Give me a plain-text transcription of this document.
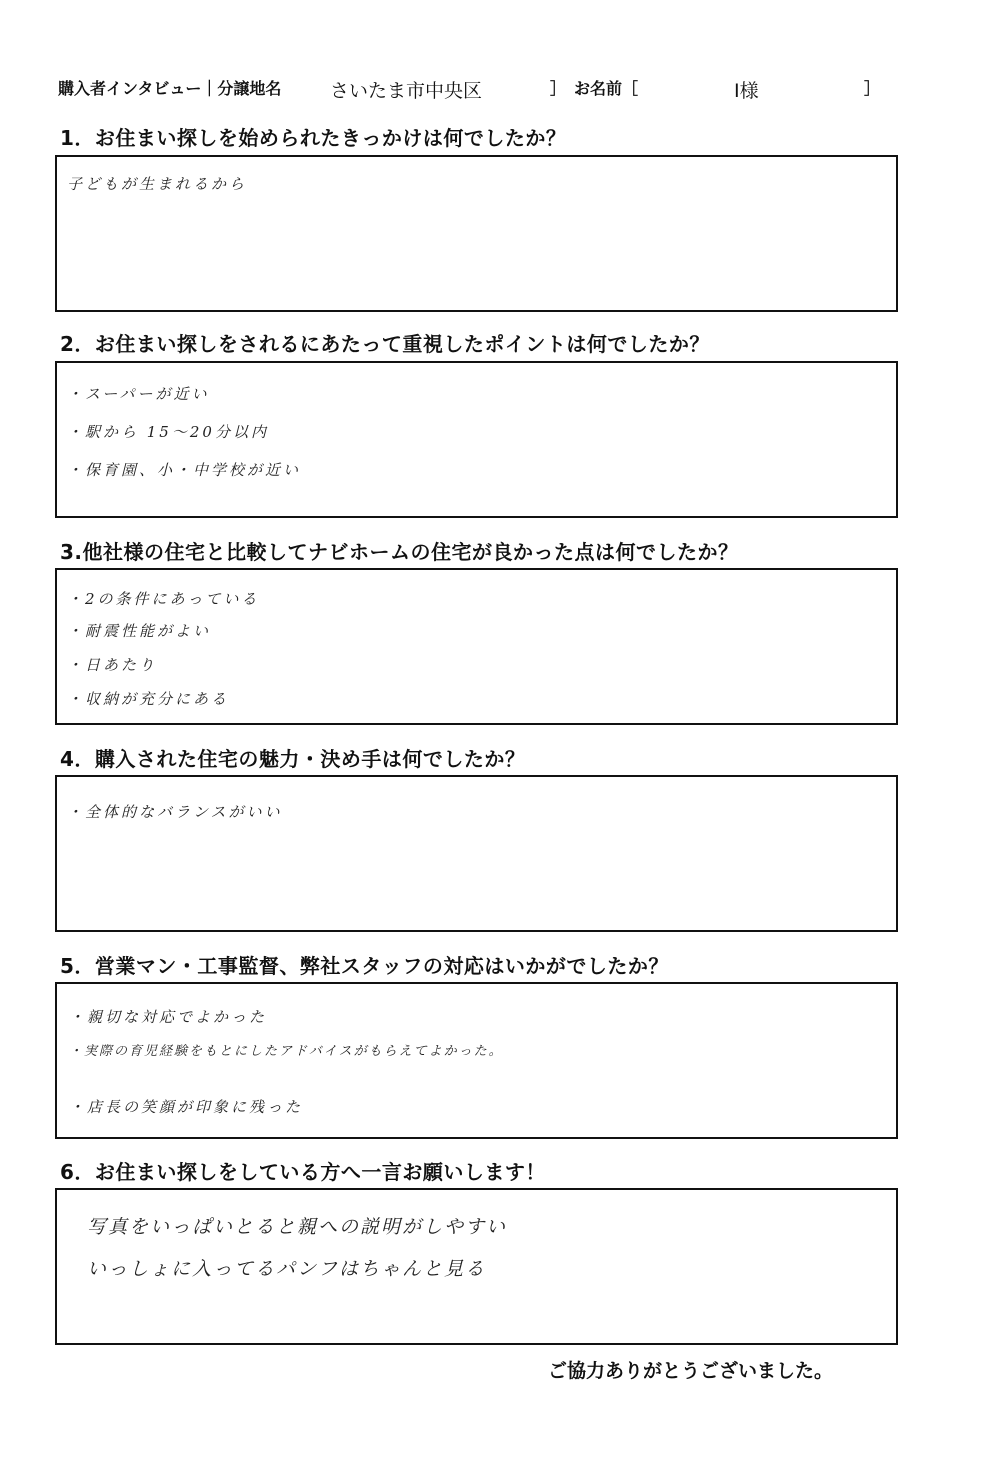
購入者インタビュー｜分譲地名	さいたま市中央区	］ お名前［	I様	］
1．お住まい探しを始められたきっかけは何でしたか？
子どもが生まれるから
2．お住まい探しをされるにあたって重視したポイントは何でしたか？
・スーパーが近い
・駅から 15～20分以内
・保育園、小・中学校が近い
3.他社様の住宅と比較してナビホームの住宅が良かった点は何でしたか？
・2の条件にあっている
・耐震性能がよい
・日あたり
・収納が充分にある
4．購入された住宅の魅力・決め手は何でしたか？
・全体的なバランスがいい
5．営業マン・工事監督、弊社スタッフの対応はいかがでしたか？
・親切な対応でよかった
・実際の育児経験をもとにしたアドバイスがもらえてよかった。
・店長の笑顔が印象に残った
6．お住まい探しをしている方へ一言お願いします！
写真をいっぱいとると親への説明がしやすい
いっしょに入ってるパンフはちゃんと見る
ご協力ありがとうございました。
